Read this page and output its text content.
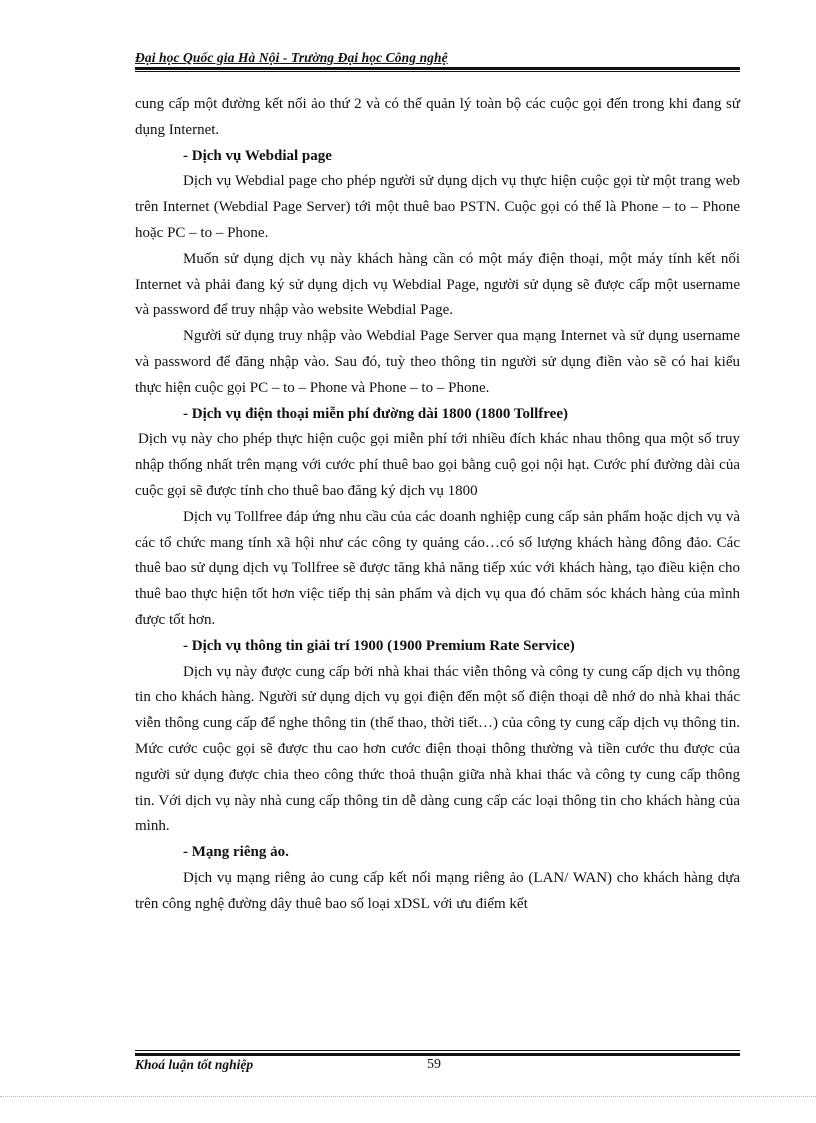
Đại học Quốc gia Hà Nội - Trường Đại học Công nghệ

cung cấp một đường kết nối ảo thứ 2 và có thể quản lý toàn bộ các cuộc gọi đến trong khi đang sử dụng Internet.

- Dịch vụ Webdial page

Dịch vụ Webdial page cho phép người sử dụng dịch vụ thực hiện cuộc gọi từ một trang web trên Internet (Webdial Page Server) tới một thuê bao PSTN. Cuộc gọi có thể là Phone – to – Phone hoặc PC – to – Phone.

Muốn sử dụng dịch vụ này khách hàng cần có một máy điện thoại, một máy tính kết nối Internet và phải đang ký sử dụng dịch vụ Webdial Page, người sử dụng sẽ được cấp một username và password để truy nhập vào website Webdial Page.

Người sử dụng truy nhập vào Webdial Page Server qua mạng Internet và sử dụng username và password để đăng nhập vào. Sau đó, tuỳ theo thông tin người sử dụng điền vào sẽ có hai kiểu thực hiện cuộc gọi PC – to – Phone và Phone – to – Phone.

- Dịch vụ điện thoại miễn phí đường dài 1800 (1800 Tollfree)

Dịch vụ này cho phép thực hiện cuộc gọi miễn phí tới nhiều đích khác nhau thông qua một số truy nhập thống nhất trên mạng với cước phí thuê bao gọi bằng cuộ gọi nội hạt. Cước phí đường dài của cuộc gọi sẽ được tính cho thuê bao đăng ký dịch vụ 1800

Dịch vụ Tollfree đáp ứng nhu cầu của các doanh nghiệp cung cấp sản phẩm hoặc dịch vụ và các tổ chức mang tính xã hội như các công ty quảng cáo…có số lượng khách hàng đông đảo. Các thuê bao sử dụng dịch vụ Tollfree sẽ được tăng khả năng tiếp xúc với khách hàng, tạo điều kiện cho thuê bao thực hiện tốt hơn việc tiếp thị sản phẩm và dịch vụ qua đó chăm sóc khách hàng của mình được tốt hơn.

- Dịch vụ thông tin giải trí 1900 (1900 Premium Rate Service)

Dịch vụ này được cung cấp bởi nhà khai thác viễn thông và công ty cung cấp dịch vụ thông tin cho khách hàng. Người sử dụng dịch vụ gọi điện đến một số điện thoại dễ nhớ do nhà khai thác viễn thông cung cấp để nghe thông tin (thể thao, thời tiết…) của công ty cung cấp dịch vụ thông tin. Mức cước cuộc gọi sẽ được thu cao hơn cước điện thoại thông thường và tiền cước thu được của người sử dụng được chia theo công thức thoả thuận giữa nhà khai thác và công ty cung cấp thông tin. Với dịch vụ này nhà cung cấp thông tin dễ dàng cung cấp các loại thông tin cho khách hàng của mình.

- Mạng riêng ảo.

Dịch vụ mạng riêng ảo cung cấp kết nối mạng riêng ảo (LAN/ WAN) cho khách hàng dựa trên công nghệ đường dây thuê bao số loại xDSL với ưu điểm kết

Khoá luận tốt nghiệp	59
